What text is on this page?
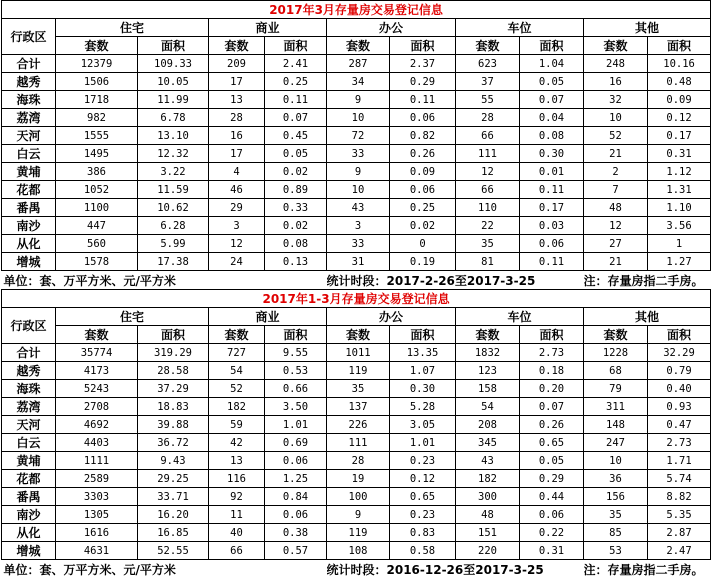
2017年3月存量房交易登记信息										
行政区	住宅		商业		办公		车位		其他	
	套数	面积	套数	面积	套数	面积	套数	面积	套数	面积
合计	12379	109.33	209	2.41	287	2.37	623	1.04	248	10.16
越秀	1506	10.05	17	0.25	34	0.29	37	0.05	16	0.48
海珠	1718	11.99	13	0.11	9	0.11	55	0.07	32	0.09
荔湾	982	6.78	28	0.07	10	0.06	28	0.04	10	0.12
天河	1555	13.10	16	0.45	72	0.82	66	0.08	52	0.17
白云	1495	12.32	17	0.05	33	0.26	111	0.30	21	0.31
黄埔	386	3.22	4	0.02	9	0.09	12	0.01	2	1.12
花都	1052	11.59	46	0.89	10	0.06	66	0.11	7	1.31
番禺	1100	10.62	29	0.33	43	0.25	110	0.17	48	1.10
南沙	447	6.28	3	0.02	3	0.02	22	0.03	12	3.56
从化	560	5.99	12	0.08	33	0	35	0.06	27	1
增城	1578	17.38	24	0.13	31	0.19	81	0.11	21	1.27
单位：套、万平方米、元/平方米					统计时段：2017-2-26至2017-3-25				注：存量房指二手房。	
2017年1-3月存量房交易登记信息										
行政区	住宅		商业		办公		车位		其他	
	套数	面积	套数	面积	套数	面积	套数	面积	套数	面积
合计	35774	319.29	727	9.55	1011	13.35	1832	2.73	1228	32.29
越秀	4173	28.58	54	0.53	119	1.07	123	0.18	68	0.79
海珠	5243	37.29	52	0.66	35	0.30	158	0.20	79	0.40
荔湾	2708	18.83	182	3.50	137	5.28	54	0.07	311	0.93
天河	4692	39.88	59	1.01	226	3.05	208	0.26	148	0.47
白云	4403	36.72	42	0.69	111	1.01	345	0.65	247	2.73
黄埔	1111	9.43	13	0.06	28	0.23	43	0.05	10	1.71
花都	2589	29.25	116	1.25	19	0.12	182	0.29	36	5.74
番禺	3303	33.71	92	0.84	100	0.65	300	0.44	156	8.82
南沙	1305	16.20	11	0.06	9	0.23	48	0.06	35	5.35
从化	1616	16.85	40	0.38	119	0.83	151	0.22	85	2.87
增城	4631	52.55	66	0.57	108	0.58	220	0.31	53	2.47
单位：套、万平方米、元/平方米					统计时段：2016-12-26至2017-3-25				注：存量房指二手房。	
